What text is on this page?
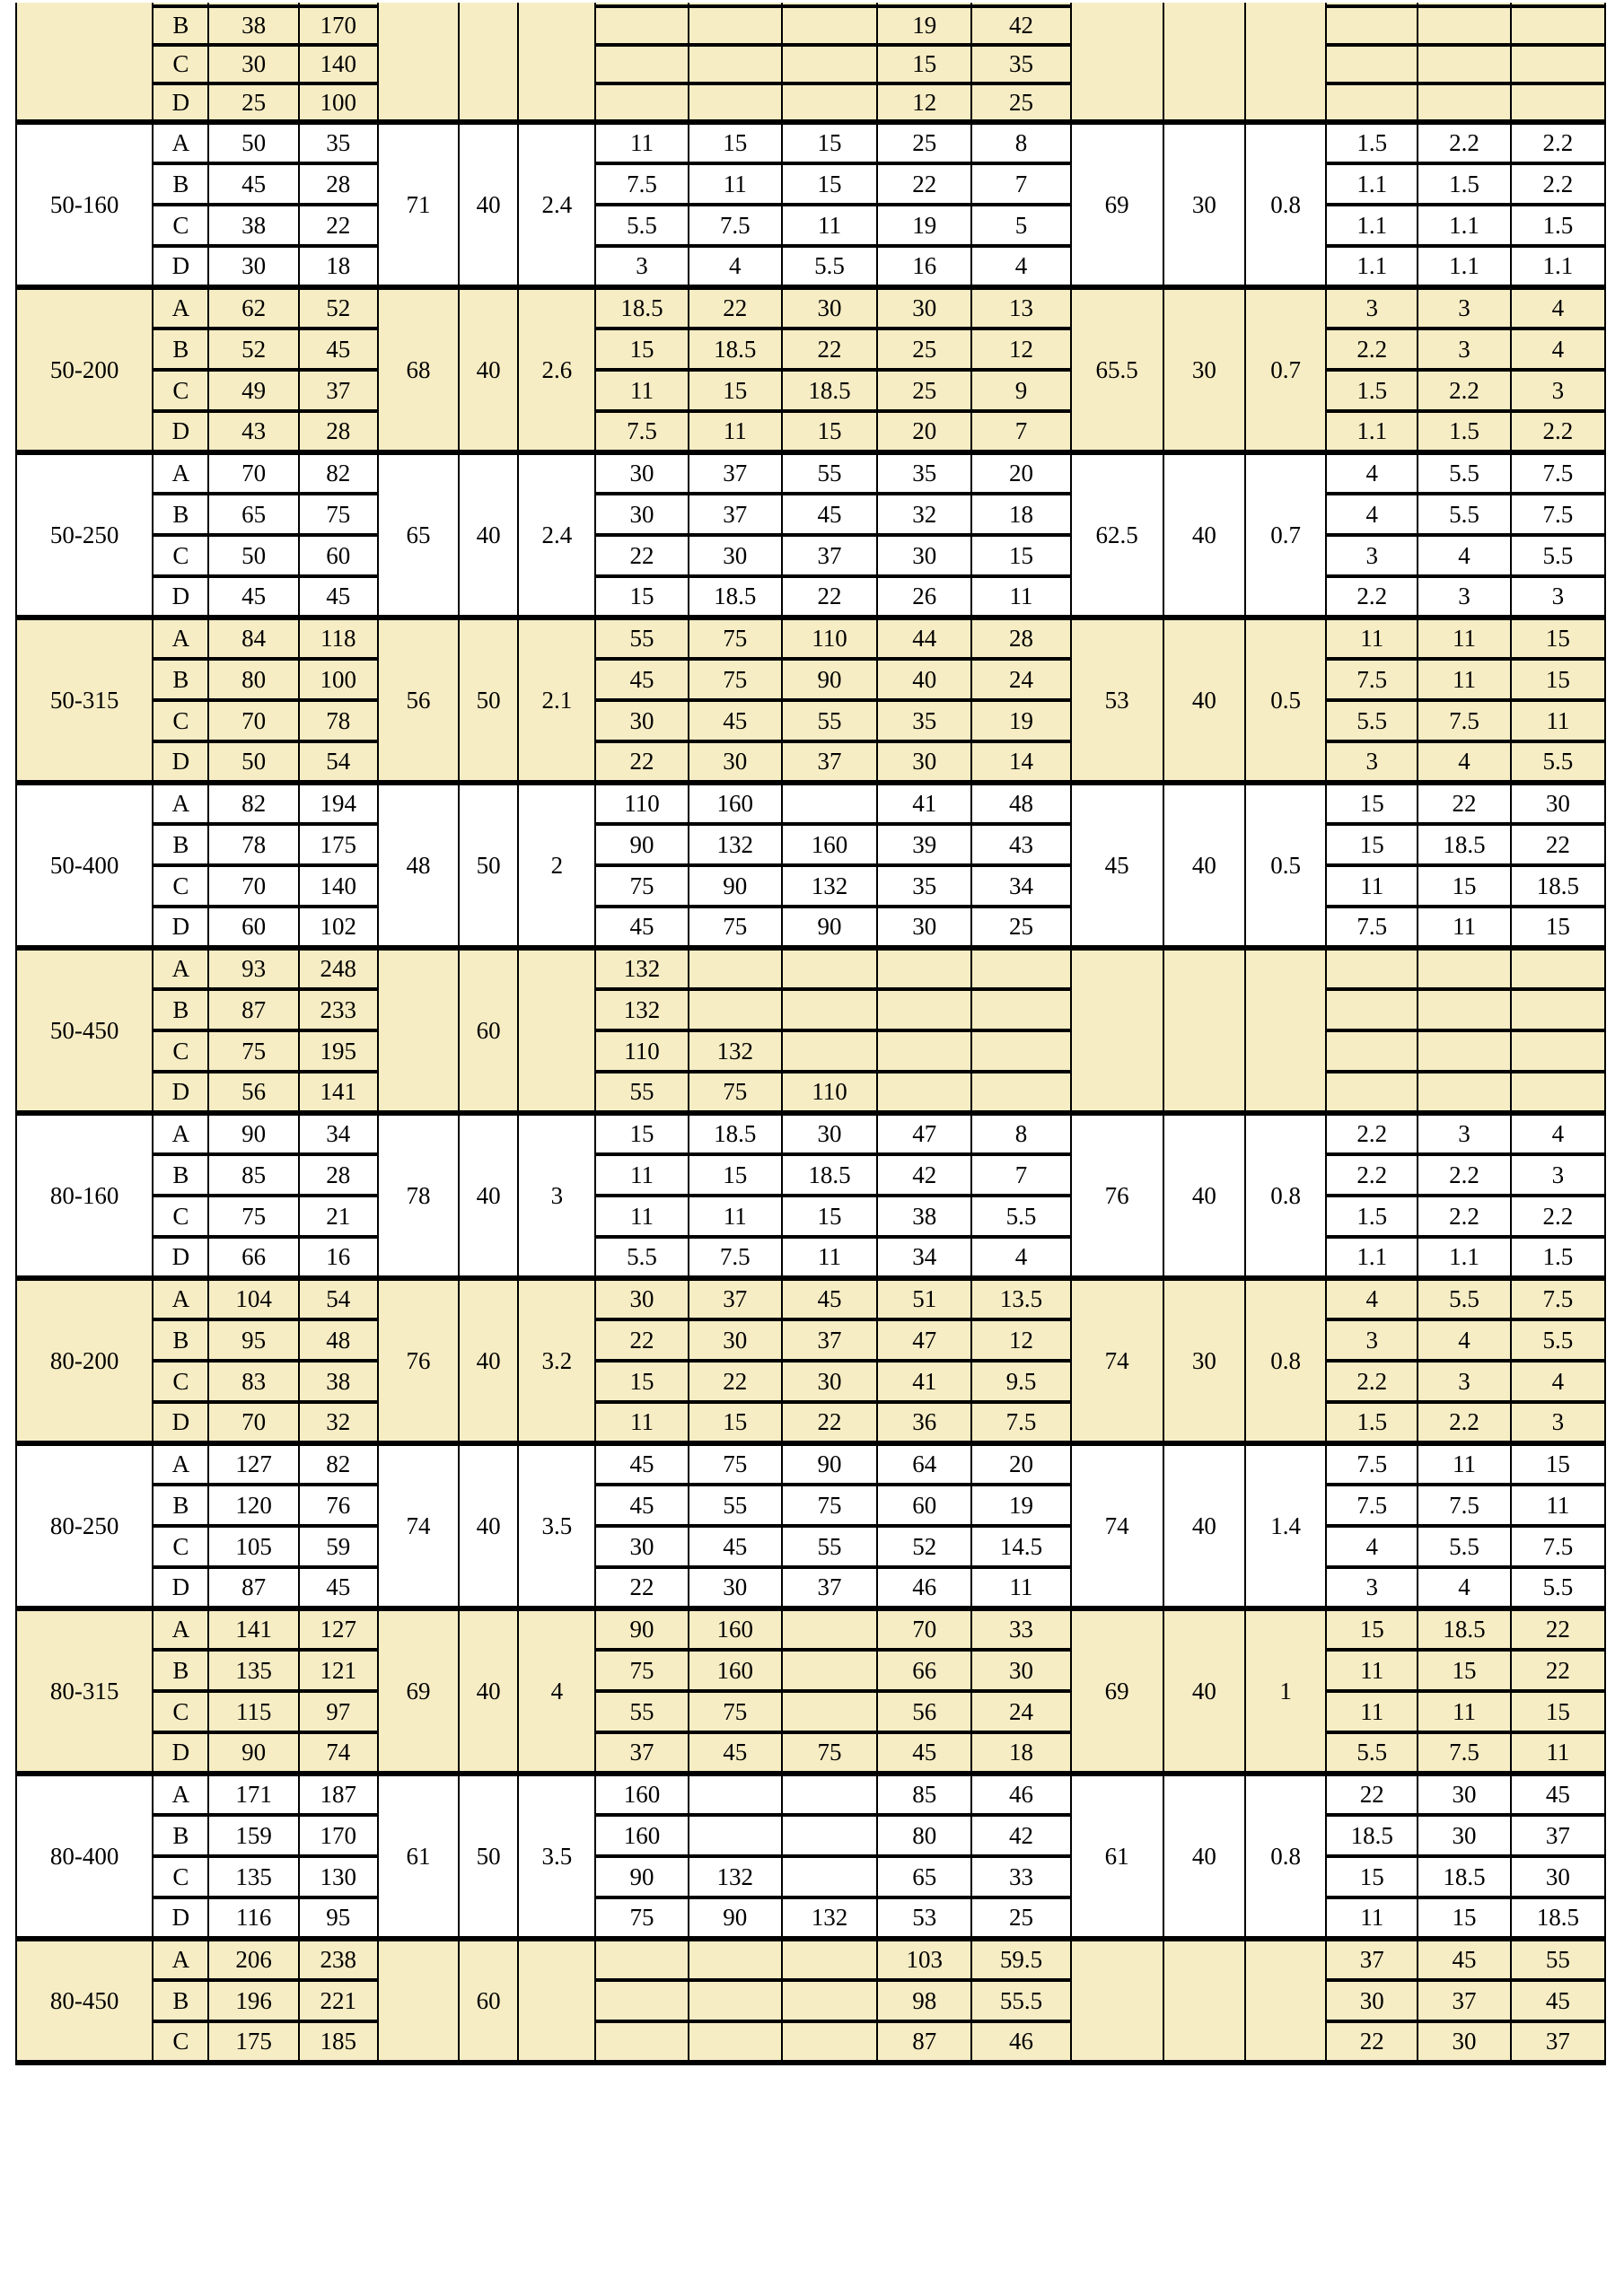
	B	38	170							19	42						
	C	30	140							15	35						
	D	25	100							12	25						
50-160	A	50	35	71	40	2.4	11	15	15	25	8	69	30	0.8	1.5	2.2	2.2
	B	45	28				7.5	11	15	22	7				1.1	1.5	2.2
	C	38	22				5.5	7.5	11	19	5				1.1	1.1	1.5
	D	30	18				3	4	5.5	16	4				1.1	1.1	1.1
50-200	A	62	52	68	40	2.6	18.5	22	30	30	13	65.5	30	0.7	3	3	4
	B	52	45				15	18.5	22	25	12				2.2	3	4
	C	49	37				11	15	18.5	25	9				1.5	2.2	3
	D	43	28				7.5	11	15	20	7				1.1	1.5	2.2
50-250	A	70	82	65	40	2.4	30	37	55	35	20	62.5	40	0.7	4	5.5	7.5
	B	65	75				30	37	45	32	18				4	5.5	7.5
	C	50	60				22	30	37	30	15				3	4	5.5
	D	45	45				15	18.5	22	26	11				2.2	3	3
50-315	A	84	118	56	50	2.1	55	75	110	44	28	53	40	0.5	11	11	15
	B	80	100				45	75	90	40	24				7.5	11	15
	C	70	78				30	45	55	35	19				5.5	7.5	11
	D	50	54				22	30	37	30	14				3	4	5.5
50-400	A	82	194	48	50	2	110	160		41	48	45	40	0.5	15	22	30
	B	78	175				90	132	160	39	43				15	18.5	22
	C	70	140				75	90	132	35	34				11	15	18.5
	D	60	102				45	75	90	30	25				7.5	11	15
50-450	A	93	248		60		132										
	B	87	233				132										
	C	75	195				110	132									
	D	56	141				55	75	110								
80-160	A	90	34	78	40	3	15	18.5	30	47	8	76	40	0.8	2.2	3	4
	B	85	28				11	15	18.5	42	7				2.2	2.2	3
	C	75	21				11	11	15	38	5.5				1.5	2.2	2.2
	D	66	16				5.5	7.5	11	34	4				1.1	1.1	1.5
80-200	A	104	54	76	40	3.2	30	37	45	51	13.5	74	30	0.8	4	5.5	7.5
	B	95	48				22	30	37	47	12				3	4	5.5
	C	83	38				15	22	30	41	9.5				2.2	3	4
	D	70	32				11	15	22	36	7.5				1.5	2.2	3
80-250	A	127	82	74	40	3.5	45	75	90	64	20	74	40	1.4	7.5	11	15
	B	120	76				45	55	75	60	19				7.5	7.5	11
	C	105	59				30	45	55	52	14.5				4	5.5	7.5
	D	87	45				22	30	37	46	11				3	4	5.5
80-315	A	141	127	69	40	4	90	160		70	33	69	40	1	15	18.5	22
	B	135	121				75	160		66	30				11	15	22
	C	115	97				55	75		56	24				11	11	15
	D	90	74				37	45	75	45	18				5.5	7.5	11
80-400	A	171	187	61	50	3.5	160			85	46	61	40	0.8	22	30	45
	B	159	170				160			80	42				18.5	30	37
	C	135	130				90	132		65	33				15	18.5	30
	D	116	95				75	90	132	53	25				11	15	18.5
80-450	A	206	238		60					103	59.5				37	45	55
	B	196	221							98	55.5				30	37	45
	C	175	185							87	46				22	30	37
